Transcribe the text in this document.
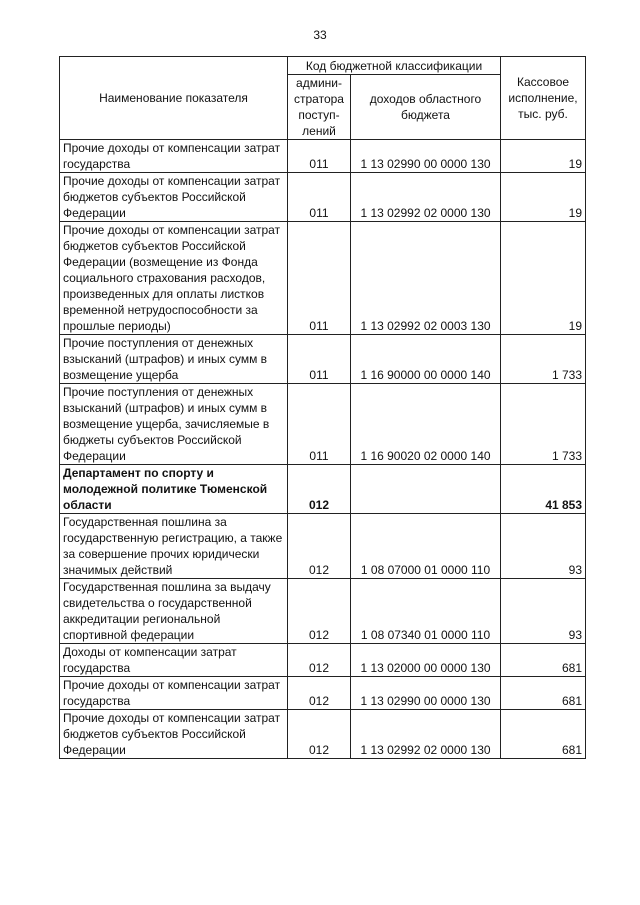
33
Наименование показателя	Код бюджетной классификации		Кассовое исполнение, тыс. руб.
	админи-стратора поступ-лений	доходов областного бюджета	
Прочие доходы от компенсации затрат государства	011	1 13 02990 00 0000 130	19
Прочие доходы от компенсации затрат бюджетов субъектов Российской Федерации	011	1 13 02992 02 0000 130	19
Прочие доходы от компенсации затрат бюджетов субъектов Российской Федерации (возмещение из Фонда социального страхования расходов, произведенных для оплаты листков временной нетрудоспособности за прошлые периоды)	011	1 13 02992 02 0003 130	19
Прочие поступления от денежных взысканий (штрафов) и иных сумм в возмещение ущерба	011	1 16 90000 00 0000 140	1 733
Прочие поступления от денежных взысканий (штрафов) и иных сумм в возмещение ущерба, зачисляемые в бюджеты субъектов Российской Федерации	011	1 16 90020 02 0000 140	1 733
Департамент по спорту и молодежной политике Тюменской области	012		41 853
Государственная пошлина за государственную регистрацию, а также за совершение прочих юридически значимых действий	012	1 08 07000 01 0000 110	93
Государственная пошлина за выдачу свидетельства о государственной аккредитации региональной спортивной федерации	012	1 08 07340 01 0000 110	93
Доходы от компенсации затрат государства	012	1 13 02000 00 0000 130	681
Прочие доходы от компенсации затрат государства	012	1 13 02990 00 0000 130	681
Прочие доходы от компенсации затрат бюджетов субъектов Российской Федерации	012	1 13 02992 02 0000 130	681
